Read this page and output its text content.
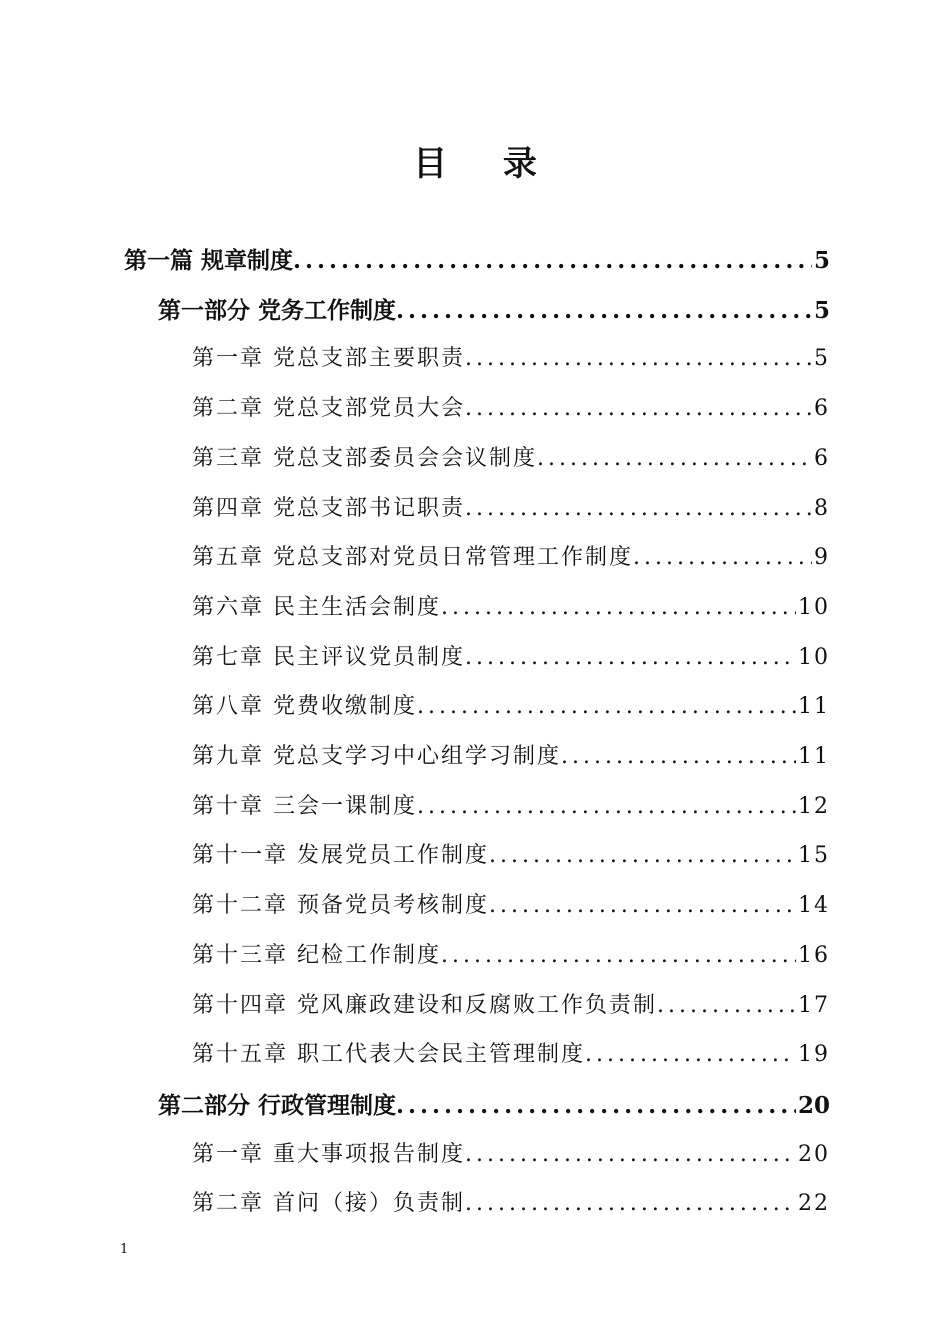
目 录
第一篇 规章制度 .....	5
第一部分 党务工作制度 .....	5
第一章 党总支部主要职责 .....	5
第二章 党总支部党员大会 .....	6
第三章 党总支部委员会会议制度 .....	6
第四章 党总支部书记职责 .....	8
第五章 党总支部对党员日常管理工作制度 .....	9
第六章 民主生活会制度 .....	10
第七章 民主评议党员制度 .....	10
第八章 党费收缴制度 .....	11
第九章 党总支学习中心组学习制度 .....	11
第十章 三会一课制度 .....	12
第十一章 发展党员工作制度 .....	15
第十二章 预备党员考核制度 .....	14
第十三章 纪检工作制度 .....	16
第十四章 党风廉政建设和反腐败工作负责制 .....	17
第十五章 职工代表大会民主管理制度 .....	19
第二部分 行政管理制度 .....	20
第一章 重大事项报告制度 .....	20
第二章 首问（接）负责制 .....	22
1
